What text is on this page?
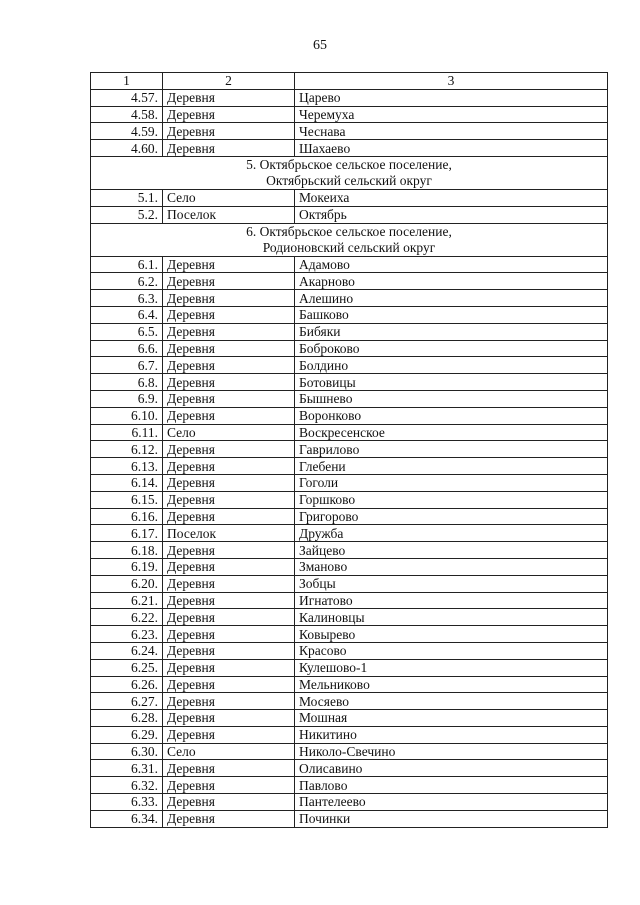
65
1	2	3
4.57.	Деревня	Царево
4.58.	Деревня	Черемуха
4.59.	Деревня	Чеснава
4.60.	Деревня	Шахаево

5. Октябрьское сельское поселение,
Октябрьский сельский округ		

5.1.	Село	Мокеиха
5.2.	Поселок	Октябрь

6. Октябрьское сельское поселение,
Родионовский сельский округ		

6.1.	Деревня	Адамово
6.2.	Деревня	Акарново
6.3.	Деревня	Алешино
6.4.	Деревня	Башково
6.5.	Деревня	Бибяки
6.6.	Деревня	Боброково
6.7.	Деревня	Болдино
6.8.	Деревня	Ботовицы
6.9.	Деревня	Бышнево
6.10.	Деревня	Воронково
6.11.	Село	Воскресенское
6.12.	Деревня	Гаврилово
6.13.	Деревня	Глебени
6.14.	Деревня	Гоголи
6.15.	Деревня	Горшково
6.16.	Деревня	Григорово
6.17.	Поселок	Дружба
6.18.	Деревня	Зайцево
6.19.	Деревня	Зманово
6.20.	Деревня	Зобцы
6.21.	Деревня	Игнатово
6.22.	Деревня	Калиновцы
6.23.	Деревня	Ковырево
6.24.	Деревня	Красово
6.25.	Деревня	Кулешово-1
6.26.	Деревня	Мельниково
6.27.	Деревня	Мосяево
6.28.	Деревня	Мошная
6.29.	Деревня	Никитино
6.30.	Село	Николо-Свечино
6.31.	Деревня	Олисавино
6.32.	Деревня	Павлово
6.33.	Деревня	Пантелеево
6.34.	Деревня	Починки
